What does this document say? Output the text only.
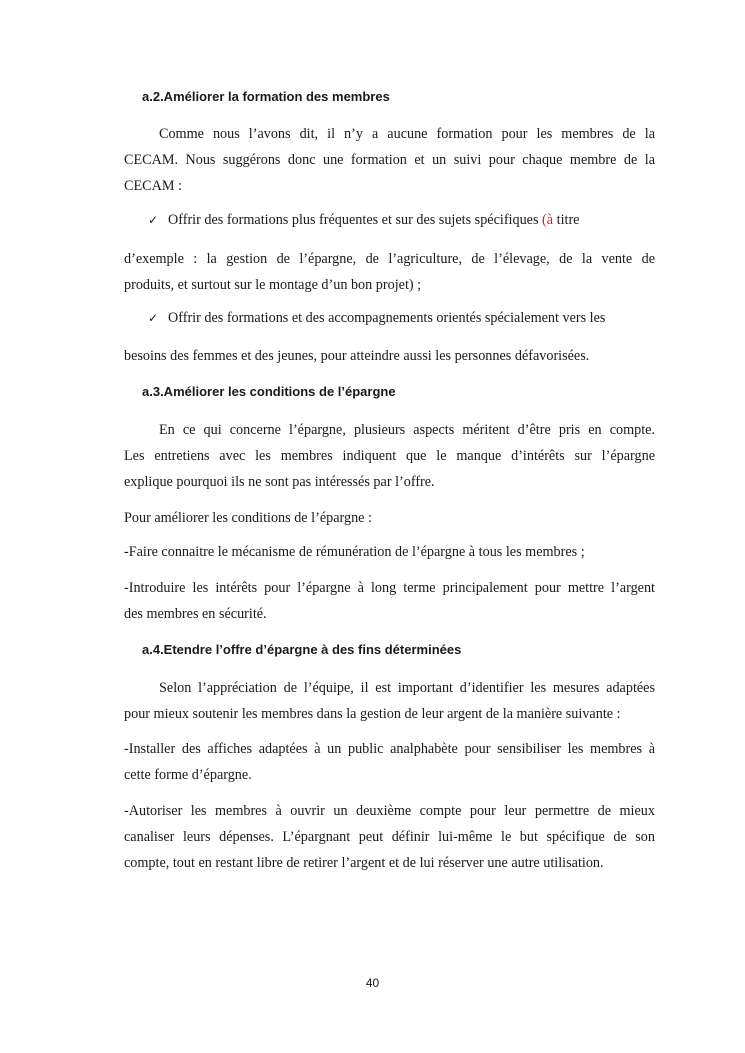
a.2.Améliorer la formation des membres
Comme nous l’avons dit, il n’y a aucune formation pour les membres de la
CECAM. Nous suggérons donc une formation et un suivi pour chaque membre de la
CECAM :
✓ Offrir des formations plus fréquentes et sur des sujets spécifiques (à titre
d’exemple : la gestion de l’épargne, de l’agriculture, de l’élevage, de la vente de
produits, et surtout sur le montage d’un bon projet) ;
✓ Offrir des formations et des accompagnements orientés spécialement vers les
besoins des femmes et des jeunes, pour atteindre aussi les personnes défavorisées.
a.3.Améliorer les conditions de l’épargne
En ce qui concerne l’épargne, plusieurs aspects méritent d’être pris en compte.
Les entretiens avec les membres indiquent que le manque d’intérêts sur l’épargne
explique pourquoi ils ne sont pas intéressés par l’offre.
Pour améliorer les conditions de l’épargne :
-Faire connaitre le mécanisme de rémunération de l’épargne à tous les membres ;
-Introduire les intérêts pour l’épargne à long terme principalement pour mettre l’argent
des membres en sécurité.
a.4.Etendre l’offre d’épargne à des fins déterminées
Selon l’appréciation de l’équipe, il est important d’identifier les mesures adaptées
pour mieux soutenir les membres dans la gestion de leur argent de la manière suivante :
-Installer des affiches adaptées à un public analphabète pour sensibiliser les membres à
cette forme d’épargne.
-Autoriser les membres à ouvrir un deuxième compte pour leur permettre de mieux
canaliser leurs dépenses. L’épargnant peut définir lui-même le but spécifique de son
compte, tout en restant libre de retirer l’argent et de lui réserver une autre utilisation.
40
